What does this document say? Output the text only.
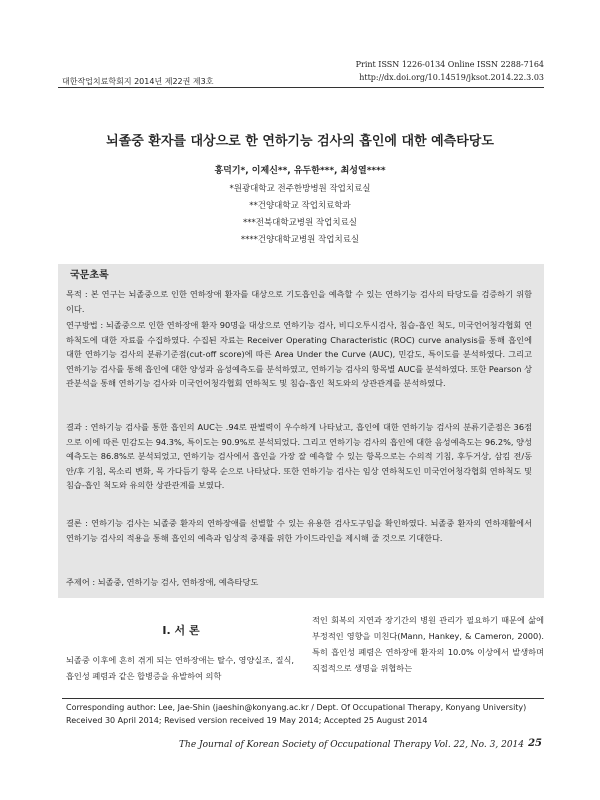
대한작업치료학회지 2014년 제22권 제3호
Print ISSN 1226-0134 Online ISSN 2288-7164
http://dx.doi.org/10.14519/jksot.2014.22.3.03
뇌졸중 환자를 대상으로 한 연하기능 검사의 흡인에 대한 예측타당도
홍덕기*, 이제신**, 유두한***, 최성열****
*원광대학교 전주한방병원 작업치료실
**건양대학교 작업치료학과
***전북대학교병원 작업치료실
****건양대학교병원 작업치료실
국문초록

목적 : 본 연구는 뇌졸중으로 인한 연하장애 환자를 대상으로 기도흡인을 예측할 수 있는 연하기능 검사의 타당도를 검증하기 위함이다.

연구방법 : 뇌졸중으로 인한 연하장애 환자 90명을 대상으로 연하기능 검사, 비디오투시검사, 침습-흡인 척도, 미국언어청각협회 연하척도에 대한 자료를 수집하였다. 수집된 자료는 Receiver Operating Characteristic (ROC) curve analysis를 통해 흡인에 대한 연하기능 검사의 분류기준점(cut-off score)에 따른 Area Under the Curve (AUC), 민감도, 특이도를 분석하였다. 그리고 연하기능 검사를 통해 흡인에 대한 양성과 음성예측도를 분석하였고, 연하기능 검사의 항목별 AUC를 분석하였다. 또한 Pearson 상관분석을 통해 연하기능 검사와 미국언어청각협회 연하척도 및 침습-흡인 척도와의 상관관계를 분석하였다.

결과 : 연하기능 검사를 통한 흡인의 AUC는 .94로 판별력이 우수하게 나타났고, 흡인에 대한 연하기능 검사의 분류기준점은 36점으로 이에 따른 민감도는 94.3%, 특이도는 90.9%로 분석되었다. 그리고 연하기능 검사의 흡인에 대한 음성예측도는 96.2%, 양성예측도는 86.8%로 분석되었고, 연하기능 검사에서 흡인을 가장 잘 예측할 수 있는 항목으로는 수의적 기침, 후두거상, 삼킴 전/동안/후 기침, 목소리 변화, 목 가다듬기 항목 순으로 나타났다. 또한 연하기능 검사는 임상 연하척도인 미국언어청각협회 연하척도 및 침습-흡인 척도와 유의한 상관관계를 보였다.

결론 : 연하기능 검사는 뇌졸중 환자의 연하장애를 선별할 수 있는 유용한 검사도구임을 확인하였다. 뇌졸중 환자의 연하재활에서 연하기능 검사의 적용을 통해 흡인의 예측과 임상적 중재를 위한 가이드라인을 제시해 줄 것으로 기대한다.

주제어 : 뇌졸중, 연하기능 검사, 연하장애, 예측타당도
I. 서 론

뇌졸중 이후에 흔히 겪게 되는 연하장애는 탈수, 영양실조, 질식, 흡인성 폐렴과 같은 합병증을 유발하여 의학

적인 회복의 지연과 장기간의 병원 관리가 필요하기 때문에 삶에 부정적인 영향을 미친다(Mann, Hankey, & Cameron, 2000). 특히 흡인성 폐렴은 연하장애 환자의 10.0% 이상에서 발생하며 직접적으로 생명을 위협하는

Corresponding author: Lee, Jae-Shin (jaeshin@konyang.ac.kr / Dept. Of Occupational Therapy, Konyang University)
Received 30 April 2014; Revised version received 19 May 2014; Accepted 25 August 2014
The Journal of Korean Society of Occupational Therapy Vol. 22, No. 3, 2014 25
